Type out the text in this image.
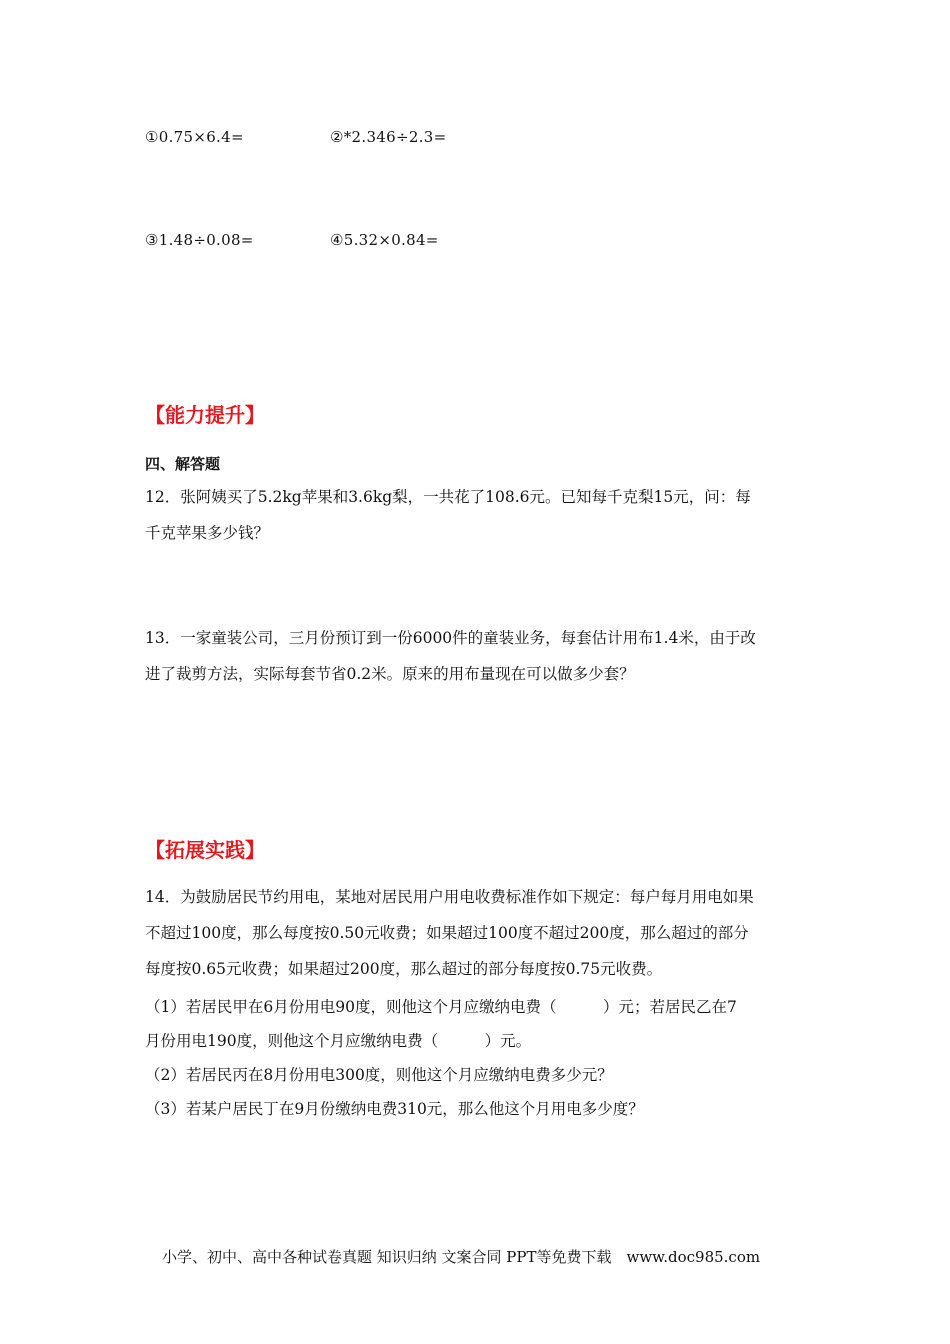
①0.75×6.4=	②*2.346÷2.3=
③1.48÷0.08=	④5.32×0.84=
【能力提升】
四、解答题
12．张阿姨买了5.2kg苹果和3.6kg梨，一共花了108.6元。已知每千克梨15元，问：每
千克苹果多少钱？
13．一家童装公司，三月份预订到一份6000件的童装业务，每套估计用布1.4米，由于改
进了裁剪方法，实际每套节省0.2米。原来的用布量现在可以做多少套？
【拓展实践】
14．为鼓励居民节约用电，某地对居民用户用电收费标准作如下规定：每户每月用电如果
不超过100度，那么每度按0.50元收费；如果超过100度不超过200度，那么超过的部分
每度按0.65元收费；如果超过200度，那么超过的部分每度按0.75元收费。
（1）若居民甲在6月份用电90度，则他这个月应缴纳电费（　　　）元；若居民乙在7
月份用电190度，则他这个月应缴纳电费（　　　）元。
（2）若居民丙在8月份用电300度，则他这个月应缴纳电费多少元？
（3）若某户居民丁在9月份缴纳电费310元，那么他这个月用电多少度？
小学、初中、高中各种试卷真题 知识归纳 文案合同 PPT等免费下载　www.doc985.com
